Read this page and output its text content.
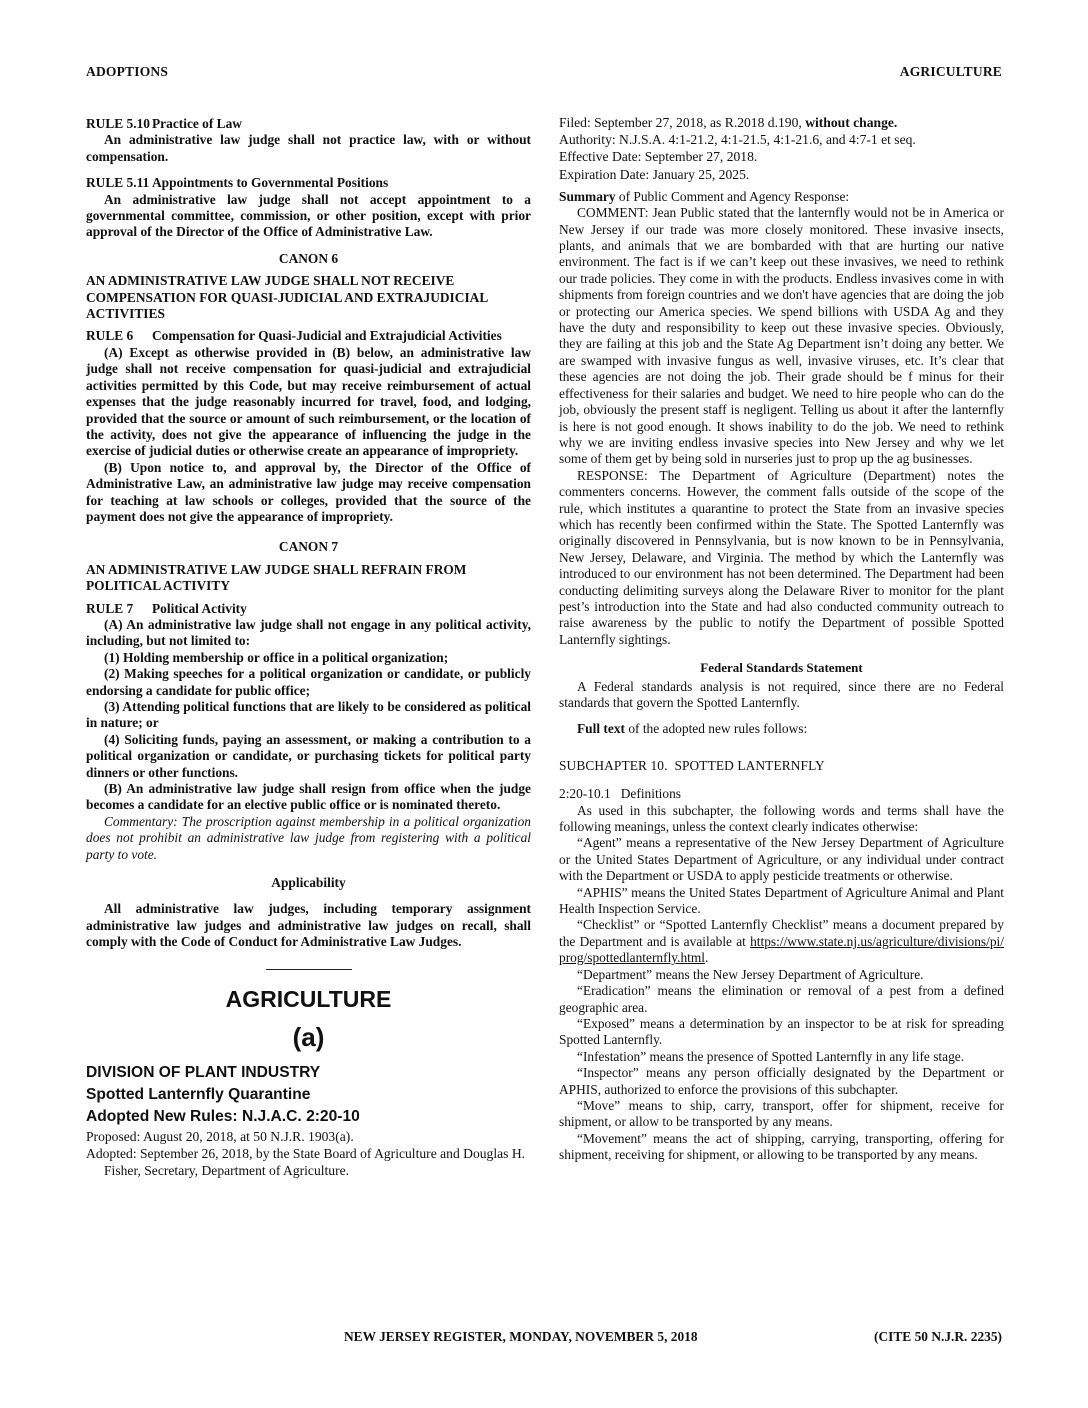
ADOPTIONS	AGRICULTURE
RULE 5.10 Practice of Law

An administrative law judge shall not practice law, with or without compensation.

RULE 5.11 Appointments to Governmental Positions

An administrative law judge shall not accept appointment to a governmental committee, commission, or other position, except with prior approval of the Director of the Office of Administrative Law.

CANON 6

AN ADMINISTRATIVE LAW JUDGE SHALL NOT RECEIVE COMPENSATION FOR QUASI-JUDICIAL AND EXTRAJUDICIAL ACTIVITIES

RULE 6	Compensation for Quasi-Judicial and Extrajudicial Activities

(A) Except as otherwise provided in (B) below, an administrative law judge shall not receive compensation for quasi-judicial and extrajudicial activities permitted by this Code, but may receive reimbursement of actual expenses that the judge reasonably incurred for travel, food, and lodging, provided that the source or amount of such reimbursement, or the location of the activity, does not give the appearance of influencing the judge in the exercise of judicial duties or otherwise create an appearance of impropriety.

(B) Upon notice to, and approval by, the Director of the Office of Administrative Law, an administrative law judge may receive compensation for teaching at law schools or colleges, provided that the source of the payment does not give the appearance of impropriety.

CANON 7

AN ADMINISTRATIVE LAW JUDGE SHALL REFRAIN FROM POLITICAL ACTIVITY

RULE 7 Political Activity

(A) An administrative law judge shall not engage in any political activity, including, but not limited to:

(1) Holding membership or office in a political organization;

(2) Making speeches for a political organization or candidate, or publicly endorsing a candidate for public office;

(3) Attending political functions that are likely to be considered as political in nature; or

(4) Soliciting funds, paying an assessment, or making a contribution to a political organization or candidate, or purchasing tickets for political party dinners or other functions.

(B) An administrative law judge shall resign from office when the judge becomes a candidate for an elective public office or is nominated thereto.

Commentary: The proscription against membership in a political organization does not prohibit an administrative law judge from registering with a political party to vote.

Applicability

All administrative law judges, including temporary assignment administrative law judges and administrative law judges on recall, shall comply with the Code of Conduct for Administrative Law Judges.

AGRICULTURE

(a)

DIVISION OF PLANT INDUSTRY

Spotted Lanternfly Quarantine

Adopted New Rules: N.J.A.C. 2:20-10

Proposed: August 20, 2018, at 50 N.J.R. 1903(a).

Adopted: September 26, 2018, by the State Board of Agriculture and Douglas H. Fisher, Secretary, Department of Agriculture.

Filed: September 27, 2018, as R.2018 d.190, without change.

Authority: N.J.S.A. 4:1-21.2, 4:1-21.5, 4:1-21.6, and 4:7-1 et seq.

Effective Date: September 27, 2018.

Expiration Date: January 25, 2025.

Summary of Public Comment and Agency Response:

COMMENT: Jean Public stated that the lanternfly would not be in America or New Jersey if our trade was more closely monitored. These invasive insects, plants, and animals that we are bombarded with that are hurting our native environment. The fact is if we can’t keep out these invasives, we need to rethink our trade policies. They come in with the products. Endless invasives come in with shipments from foreign countries and we don't have agencies that are doing the job or protecting our America species. We spend billions with USDA Ag and they have the duty and responsibility to keep out these invasive species. Obviously, they are failing at this job and the State Ag Department isn’t doing any better. We are swamped with invasive fungus as well, invasive viruses, etc. It’s clear that these agencies are not doing the job. Their grade should be f minus for their effectiveness for their salaries and budget. We need to hire people who can do the job, obviously the present staff is negligent. Telling us about it after the lanternfly is here is not good enough. It shows inability to do the job. We need to rethink why we are inviting endless invasive species into New Jersey and why we let some of them get by being sold in nurseries just to prop up the ag businesses.

RESPONSE: The Department of Agriculture (Department) notes the commenters concerns. However, the comment falls outside of the scope of the rule, which institutes a quarantine to protect the State from an invasive species which has recently been confirmed within the State. The Spotted Lanternfly was originally discovered in Pennsylvania, but is now known to be in Pennsylvania, New Jersey, Delaware, and Virginia. The method by which the Lanternfly was introduced to our environment has not been determined. The Department had been conducting delimiting surveys along the Delaware River to monitor for the plant pest’s introduction into the State and had also conducted community outreach to raise awareness by the public to notify the Department of possible Spotted Lanternfly sightings.

Federal Standards Statement

A Federal standards analysis is not required, since there are no Federal standards that govern the Spotted Lanternfly.

Full text of the adopted new rules follows:

SUBCHAPTER 10.  SPOTTED LANTERNFLY

2:20-10.1   Definitions

As used in this subchapter, the following words and terms shall have the following meanings, unless the context clearly indicates otherwise:

“Agent” means a representative of the New Jersey Department of Agriculture or the United States Department of Agriculture, or any individual under contract with the Department or USDA to apply pesticide treatments or otherwise.

“APHIS” means the United States Department of Agriculture Animal and Plant Health Inspection Service.

“Checklist” or “Spotted Lanternfly Checklist” means a document prepared by the Department and is available at https://www.state.nj.us/agriculture/divisions/pi/prog/spottedlanternfly.html.

“Department” means the New Jersey Department of Agriculture.

“Eradication” means the elimination or removal of a pest from a defined geographic area.

“Exposed” means a determination by an inspector to be at risk for spreading Spotted Lanternfly.

“Infestation” means the presence of Spotted Lanternfly in any life stage.

“Inspector” means any person officially designated by the Department or APHIS, authorized to enforce the provisions of this subchapter.

“Move” means to ship, carry, transport, offer for shipment, receive for shipment, or allow to be transported by any means.

“Movement” means the act of shipping, carrying, transporting, offering for shipment, receiving for shipment, or allowing to be transported by any means.

NEW JERSEY REGISTER, MONDAY, NOVEMBER 5, 2018	(CITE 50 N.J.R. 2235)
